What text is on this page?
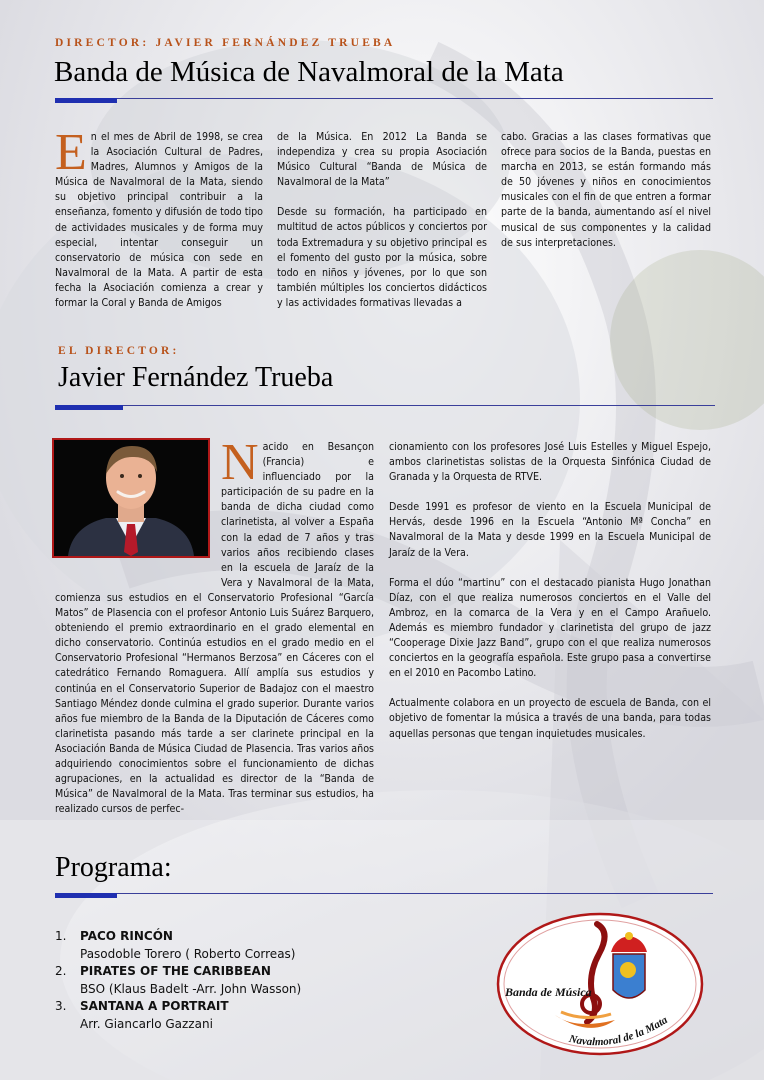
DIRECTOR: JAVIER FERNÁNDEZ TRUEBA
Banda de Música de Navalmoral de la Mata
En el mes de Abril de 1998, se crea la Asociación Cultural de Padres, Madres, Alumnos y Amigos de la Música de Navalmoral de la Mata, siendo su objetivo principal contribuir a la enseñanza, fomento y difusión de todo tipo de actividades musicales y de forma muy especial, intentar conseguir un conservatorio de música con sede en Navalmoral de la Mata. A partir de esta fecha la Asociación comienza a crear y formar la Coral y Banda de Amigos

de la Música. En 2012 La Banda se independiza y crea su propia Asociación Músico Cultural “Banda de Música de Navalmoral de la Mata”

Desde su formación, ha participado en multitud de actos públicos y conciertos por toda Extremadura y su objetivo principal es el fomento del gusto por la música, sobre todo en niños y jóvenes, por lo que son también múltiples los conciertos didácticos y las actividades formativas llevadas a

cabo. Gracias a las clases formativas que ofrece para socios de la Banda, puestas en marcha en 2013, se están formando más de 50 jóvenes y niños en conocimientos musicales con el fin de que entren a formar parte de la banda, aumentando así el nivel musical de sus componentes y la calidad de sus interpretaciones.

EL DIRECTOR:
Javier Fernández Trueba
Nacido en Besançon (Francia) e influenciado por la participación de su padre en la banda de dicha ciudad como clarinetista, al volver a España con la edad de 7 años y tras varios años recibiendo clases en la escuela de Jaraíz de la Vera y Navalmoral de la Mata, comienza sus estudios en el Conservatorio Profesional “García Matos” de Plasencia con el profesor Antonio Luis Suárez Barquero, obteniendo el premio extraordinario en el grado elemental en dicho conservatorio. Continúa estudios en el grado medio en el Conservatorio Profesional “Hermanos Berzosa” en Cáceres con el catedrático Fernando Romaguera. Allí amplía sus estudios y continúa en el Conservatorio Superior de Badajoz con el maestro Santiago Méndez donde culmina el grado superior. Durante varios años fue miembro de la Banda de la Diputación de Cáceres como clarinetista pasando más tarde a ser clarinete principal en la Asociación Banda de Música Ciudad de Plasencia. Tras varios años adquiriendo conocimientos sobre el funcionamiento de dichas agrupaciones, en la actualidad es director de la “Banda de Música” de Navalmoral de la Mata. Tras terminar sus estudios, ha realizado cursos de perfec-

cionamiento con los profesores José Luis Estelles y Miguel Espejo, ambos clarinetistas solistas de la Orquesta Sinfónica Ciudad de Granada y la Orquesta de RTVE.

Desde 1991 es profesor de viento en la Escuela Municipal de Hervás, desde 1996 en la Escuela “Antonio Mª Concha” en Navalmoral de la Mata y desde 1999 en la Escuela Municipal de Jaraíz de la Vera.

Forma el dúo “martinu” con el destacado pianista Hugo Jonathan Díaz, con el que realiza numerosos conciertos en el Valle del Ambroz, en la comarca de la Vera y en el Campo Arañuelo. Además es miembro fundador y clarinetista del grupo de jazz “Cooperage Dixie Jazz Band”, grupo con el que realiza numerosos conciertos en la geografía española. Este grupo pasa a convertirse en el 2010 en Pacombo Latino.

Actualmente colabora en un proyecto de escuela de Banda, con el objetivo de fomentar la música a través de una banda, para todas aquellas personas que tengan inquietudes musicales.

Programa:
1. PACO RINCÓN
Pasodoble Torero ( Roberto Correas)
2. PIRATES OF THE CARIBBEAN
BSO (Klaus Badelt -Arr. John Wasson)
3. SANTANA A PORTRAIT
Arr. Giancarlo Gazzani
Banda de Música
Navalmoral de la Mata
